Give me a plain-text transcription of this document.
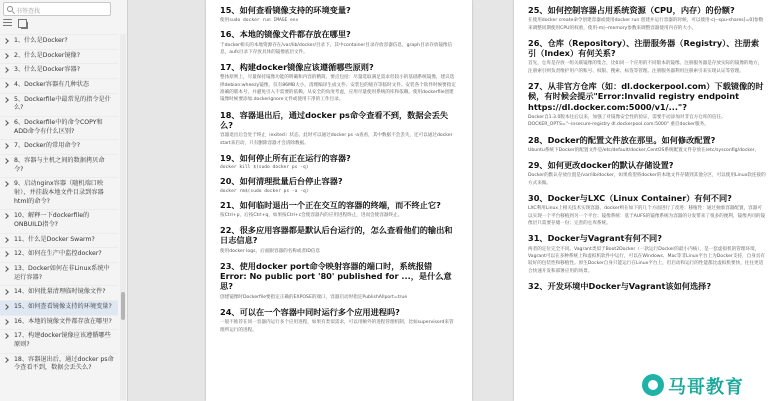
书签查找
1、什么是Docker?
2、什么是Docker镜像?
3、什么是Docker容器?
4、Docker容器有几种状态
5、Dockerfile中最常见的指令是什么?
6、Dockerfile中的命令COPY和ADD命令有什么区别?
7、Docker的常用命令?
8、容器与主机之间的数据拷贝命令?
9、启动nginx容器（随机端口映射），并挂载本地文件目录到容器html的命令?
10、解释一下dockerfile的ONBUILD指令?
11、什么是Docker Swarm?
12、如何在生产中监控docker?
13、Docker如何在非Linux系统中运行容器?
14、如何批量清理临时镜像文件?
15、如何查看镜像支持的环境变量?
16、本地的镜像文件都存放在哪里?
17、构建docker镜像应该遵循哪些原则?
18、容器退出后，通过docker ps命令查看不到，数据会丢失么?
15、如何查看镜像支持的环境变量?
使用sudo docker run IMAGE env
16、本地的镜像文件都存放在哪里?
于docker相关的本地资源存在/var/lib/docker/目录下，其中container目录存放容器信息，graph目录存放镜像信息，aufs目录下存放具体的镜像底层文件。
17、构建docker镜像应该遵循哪些原则?
整体原则上，尽量保持镜像功能的明确和内容的精简，要点包括：尽量选取满足需求但较小的基础系统镜像，建议选择debian:wheezy镜像，仅有86MB大小。清理编译生成文件、安装包的缓存等临时文件。安装各个软件时候要指定准确的版本号，并避免引入不需要的依赖。从安全的角度考虑，应用尽量使用系统的库和依赖。使用dockerfile创建镜像时候要添加.dockerignore文件或使用干净的工作目录。
18、容器退出后，通过docker ps命令查看不到，数据会丢失么?
容器退出后会处于终止（exited）状态，此时可以通过docker ps -a查看，其中数据不会丢失，还可以通过docker start来启动，只有删除容器才会清除数据。
19、如何停止所有正在运行的容器?
docker kill $(sudo docker ps -q)
20、如何清理批量后台停止容器?
docker rm$(sudo docker ps -a -q)
21、如何临时退出一个正在交互的容器的终端，而不终止它?
按Ctrl+p，后按Ctrl+q，如果按Ctrl+c会使容器内的应用进程终止，进而会使容器终止。
22、很多应用容器都是默认后台运行的，怎么查看他们的输出和日志信息?
使用docker logs，后面跟容器的名称或者ID信息
23、使用docker port命令映射容器的端口时，系统报错Error: No public port '80' published for ...，是什么意思?
创建镜像时Dockerfile要指定正确的EXPOSE的端口，容器启动时指定PublishAllport=true
24、可以在一个容器中同时运行多个应用进程吗?
一般不推荐在同一容器内运行多个应用进程，如果有类似需求，可以用额外的进程管理机制，比如supervisord来管理所运行的进程。
25、如何控制容器占用系统资源（CPU，内存）的份额?
在使用docker create命令创建容器或使用docker run 创建并运行容器的时候，可以使用-c|--spu-shares[=0]参数来调整同期使用CPU的权重，使用-m|--memory参数来调整容器使用内存的大小。
26、仓库（Repository）、注册服务器（Registry）、注册索引（Index）有何关系?
首先，仓库是存放一组关联镜像的集合，比如同一个应用的不同版本的镜像。注册服务器是存放实际的镜像的地方，注册索引则负责维护用户的账号、权限、搜索、标签等管理。注册服务器利用注册索引来实现认证等管理。
27、从非官方仓库（如：dl.dockerpool.com）下载镜像的时候，有时候会提示"Error:Invalid registry endpoint https://dl.docker.com:5000/v1/..."?
Docker自1.3.0版本往后以来，加强了对镜像安全性的验证，需要手动添加对非官方仓库的信任。DOCKER_OPTS="--insecure-registry dl.dockerpool.com:5000" 重启docker服务。
28、Docker的配置文件放在那里。如何修改配置?
Ubuntu系统下Docker的配置文件是/etc/default/docker,CentOS系统配置文件存放在/etc/sysconfig/docker。
29、如何更改docker的默认存储设置?
Docker的默认存放位置是/var/lib/docker，如果希望将docker的本地文件存储到其他分区，可以使用Linux软连接的方式来做。
30、Docker与LXC（Linux Container）有何不同?
LXC利用Linux上相关技术实现容器，docker则在如下的几个方面进行了改进：移植性：通过抽象容器配置，容器可以实现一个平台移植到另一个平台；镜像系统：基于AUFS的镜像系统为容器的分发带来了很多的便利，镜像共同的镜像层只需要存储一份；完善的仓库系统。
31、Docker与Vagrant有何不同?
两者的定位完全不同。Vagrant类似于Boot2Docker（一款运行Docker的最小内核），是一套虚拟机的管理环境，Vagrant可以在多种系统上和虚拟机软件中运行，可以在Windows、Mac等非Linux平台上为Docker支持，自身具有较好的包装性和移植性。原生Docker自身只能运行在Linux平台上，但启动和运行的性能都比虚拟机要快，往往更适合快速开发和部署应用的场景。
32、开发环境中Docker与Vagrant该如何选择?
马哥教育
